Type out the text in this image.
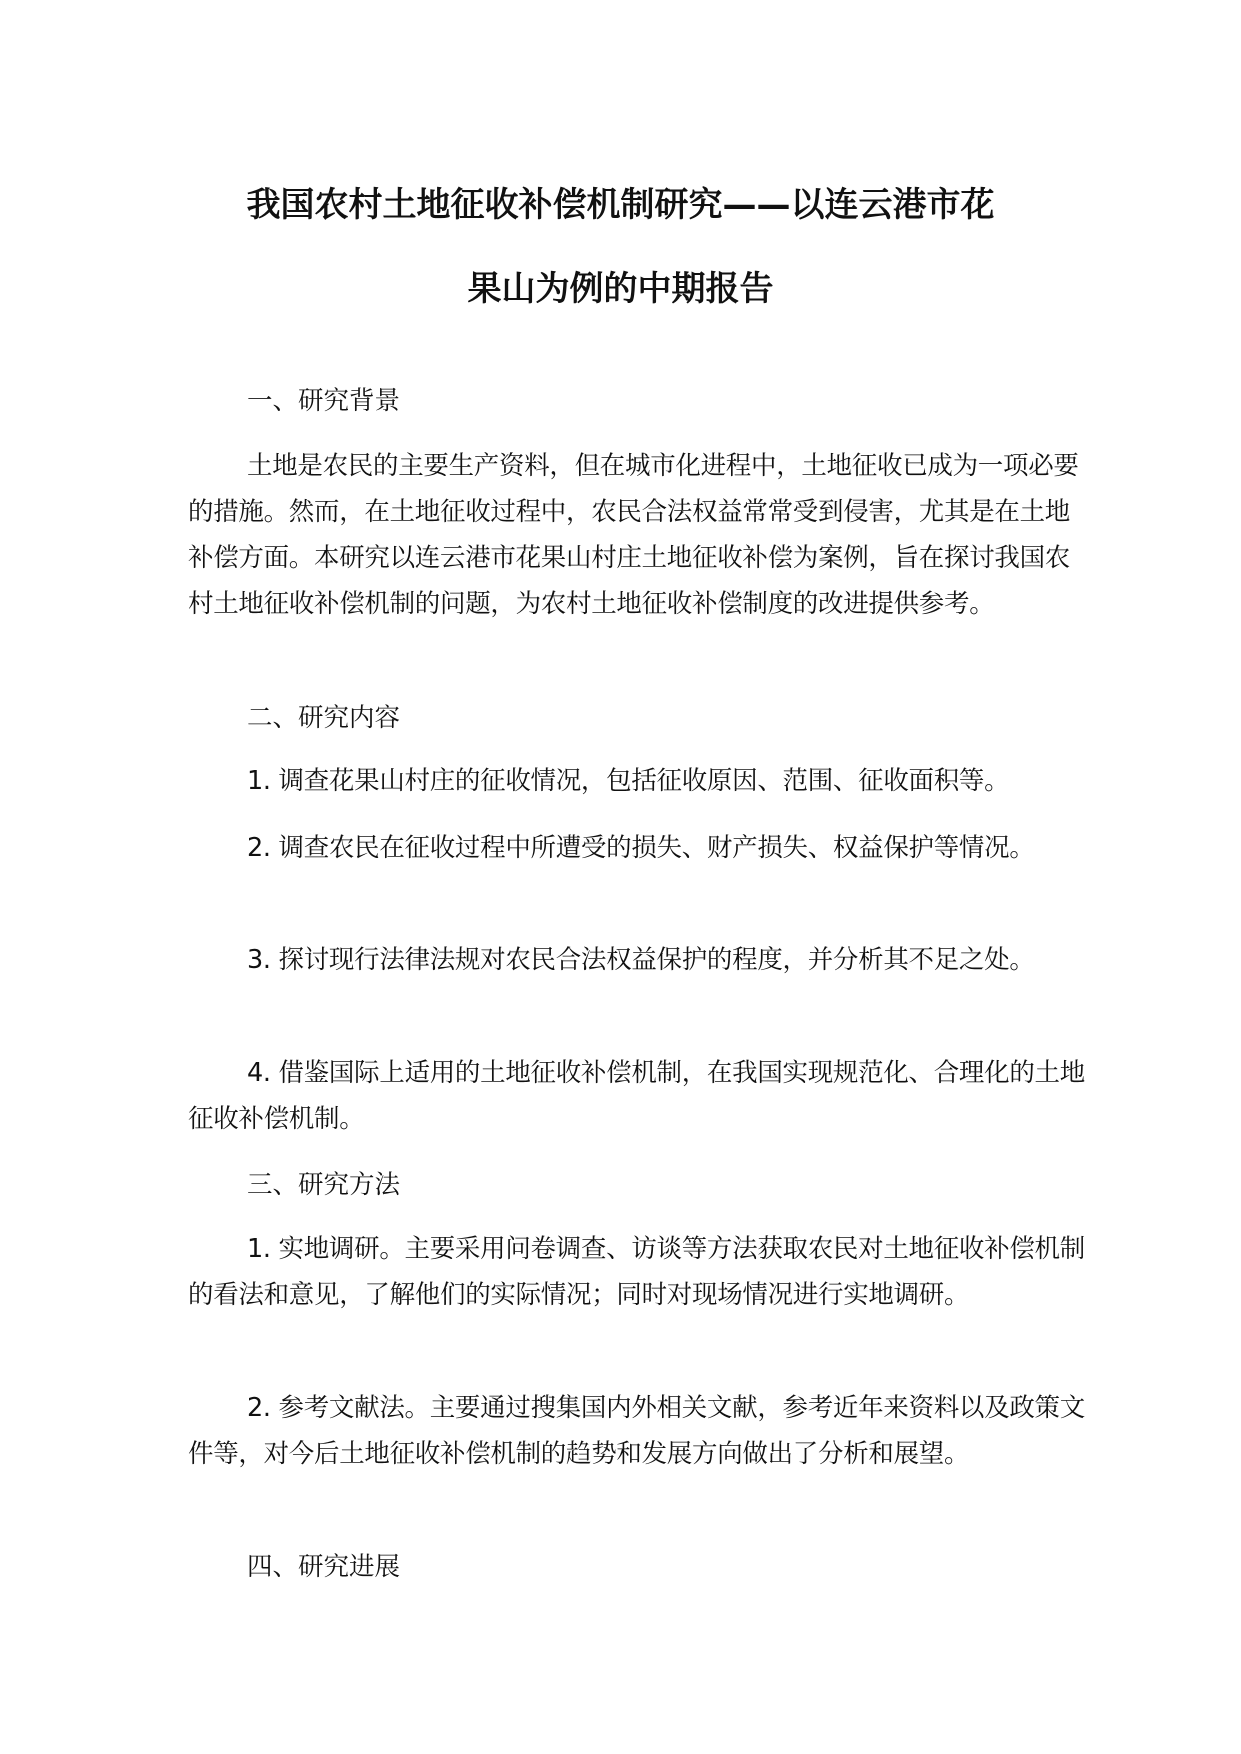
我国农村土地征收补偿机制研究——以连云港市花
果山为例的中期报告
一、研究背景
土地是农民的主要生产资料，但在城市化进程中，土地征收已成为一项必要的措施。然而，在土地征收过程中，农民合法权益常常受到侵害，尤其是在土地补偿方面。本研究以连云港市花果山村庄土地征收补偿为案例，旨在探讨我国农村土地征收补偿机制的问题，为农村土地征收补偿制度的改进提供参考。
二、研究内容
1. 调查花果山村庄的征收情况，包括征收原因、范围、征收面积等。
2. 调查农民在征收过程中所遭受的损失、财产损失、权益保护等情况。
3. 探讨现行法律法规对农民合法权益保护的程度，并分析其不足之处。
4. 借鉴国际上适用的土地征收补偿机制，在我国实现规范化、合理化的土地征收补偿机制。
三、研究方法
1. 实地调研。主要采用问卷调查、访谈等方法获取农民对土地征收补偿机制的看法和意见，了解他们的实际情况；同时对现场情况进行实地调研。
2. 参考文献法。主要通过搜集国内外相关文献，参考近年来资料以及政策文件等，对今后土地征收补偿机制的趋势和发展方向做出了分析和展望。
四、研究进展
